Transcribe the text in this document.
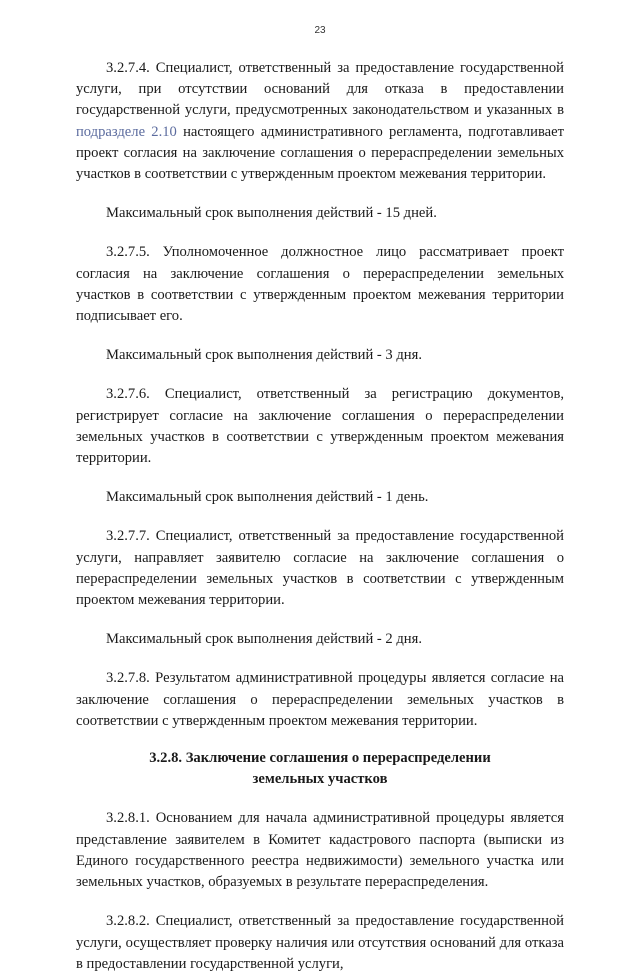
23

3.2.7.4. Специалист, ответственный за предоставление государственной услуги, при отсутствии оснований для отказа в предоставлении государственной услуги, предусмотренных законодательством и указанных в подразделе 2.10 настоящего административного регламента, подготавливает проект согласия на заключение соглашения о перераспределении земельных участков в соответствии с утвержденным проектом межевания территории.

Максимальный срок выполнения действий - 15 дней.

3.2.7.5. Уполномоченное должностное лицо рассматривает проект согласия на заключение соглашения о перераспределении земельных участков в соответствии с утвержденным проектом межевания территории подписывает его.

Максимальный срок выполнения действий - 3 дня.

3.2.7.6. Специалист, ответственный за регистрацию документов, регистрирует согласие на заключение соглашения о перераспределении земельных участков в соответствии с утвержденным проектом межевания территории.

Максимальный срок выполнения действий - 1 день.

3.2.7.7. Специалист, ответственный за предоставление государственной услуги, направляет заявителю согласие на заключение соглашения о перераспределении земельных участков в соответствии с утвержденным проектом межевания территории.

Максимальный срок выполнения действий - 2 дня.

3.2.7.8. Результатом административной процедуры является согласие на заключение соглашения о перераспределении земельных участков в соответствии с утвержденным проектом межевания территории.

3.2.8. Заключение соглашения о перераспределении
земельных участков

3.2.8.1. Основанием для начала административной процедуры является представление заявителем в Комитет кадастрового паспорта (выписки из Единого государственного реестра недвижимости) земельного участка или земельных участков, образуемых в результате перераспределения.

3.2.8.2. Специалист, ответственный за предоставление государственной услуги, осуществляет проверку наличия или отсутствия оснований для отказа в предоставлении государственной услуги,
